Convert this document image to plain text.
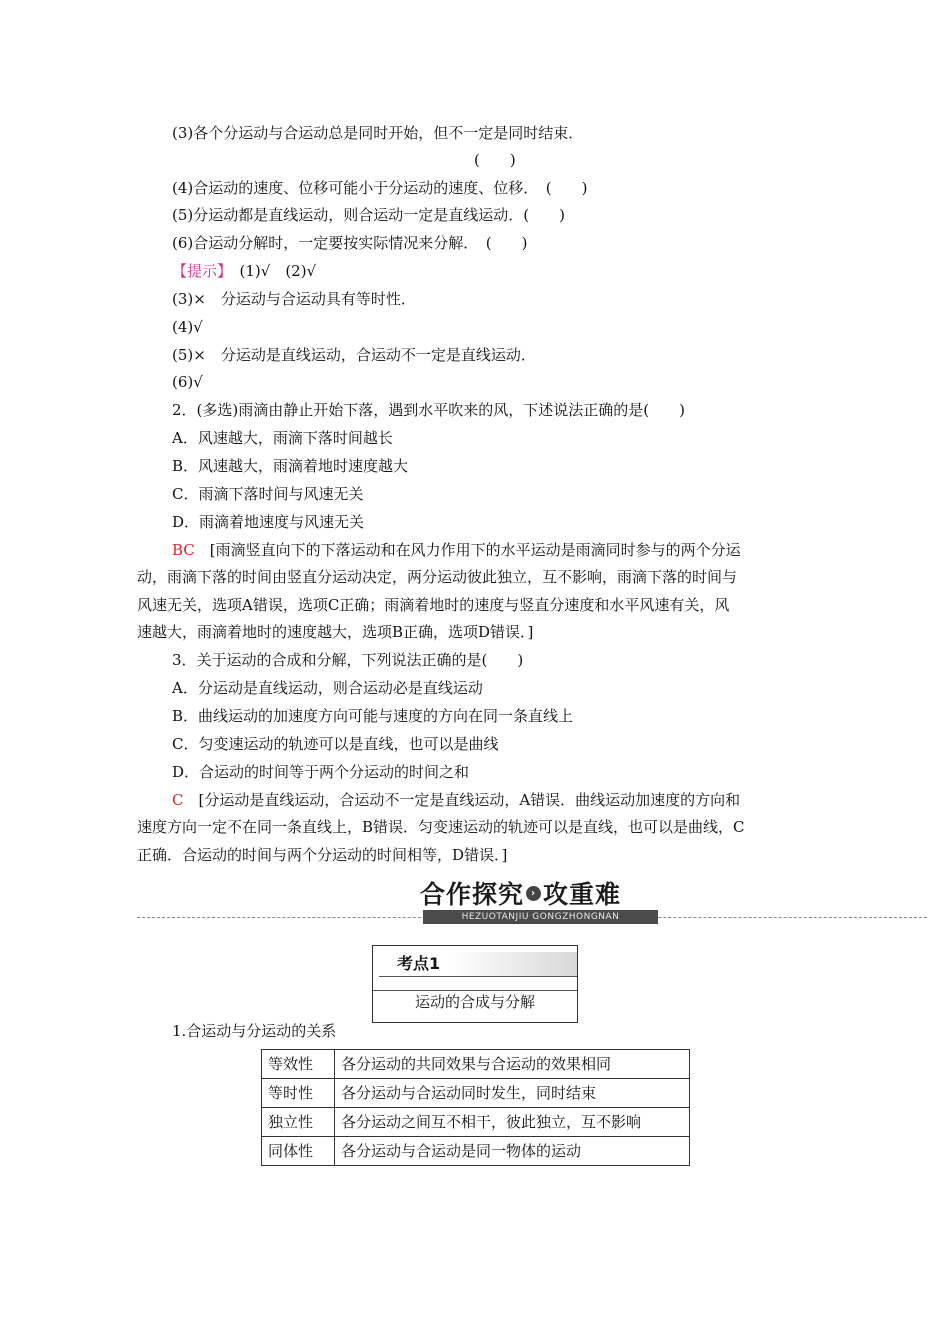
(3)各个分运动与合运动总是同时开始，但不一定是同时结束．
(　　)
(4)合运动的速度、位移可能小于分运动的速度、位移．　(　　)
(5)分运动都是直线运动，则合运动一定是直线运动．(　　)
(6)合运动分解时，一定要按实际情况来分解．　(　　)
【提示】　(1)√　(2)√
(3)×　分运动与合运动具有等时性．
(4)√
(5)×　分运动是直线运动，合运动不一定是直线运动．
(6)√
2．(多选)雨滴由静止开始下落，遇到水平吹来的风，下述说法正确的是(　　)
A．风速越大，雨滴下落时间越长
B．风速越大，雨滴着地时速度越大
C．雨滴下落时间与风速无关
D．雨滴着地速度与风速无关
BC　[雨滴竖直向下的下落运动和在风力作用下的水平运动是雨滴同时参与的两个分运
动，雨滴下落的时间由竖直分运动决定，两分运动彼此独立，互不影响，雨滴下落的时间与
风速无关，选项A错误，选项C正确；雨滴着地时的速度与竖直分速度和水平风速有关，风
速越大，雨滴着地时的速度越大，选项B正确，选项D错误．]
3．关于运动的合成和分解，下列说法正确的是(　　)
A．分运动是直线运动，则合运动必是直线运动
B．曲线运动的加速度方向可能与速度的方向在同一条直线上
C．匀变速运动的轨迹可以是直线，也可以是曲线
D．合运动的时间等于两个分运动的时间之和
C　[分运动是直线运动，合运动不一定是直线运动，A错误．曲线运动加速度的方向和
速度方向一定不在同一条直线上，B错误．匀变速运动的轨迹可以是直线，也可以是曲线，C
正确．合运动的时间与两个分运动的时间相等，D错误．]
合作探究 › 攻重难
HEZUOTANJIU GONGZHONGNAN
考点1
运动的合成与分解
1.合运动与分运动的关系
等效性	各分运动的共同效果与合运动的效果相同
等时性	各分运动与合运动同时发生，同时结束
独立性	各分运动之间互不相干，彼此独立，互不影响
同体性	各分运动与合运动是同一物体的运动
